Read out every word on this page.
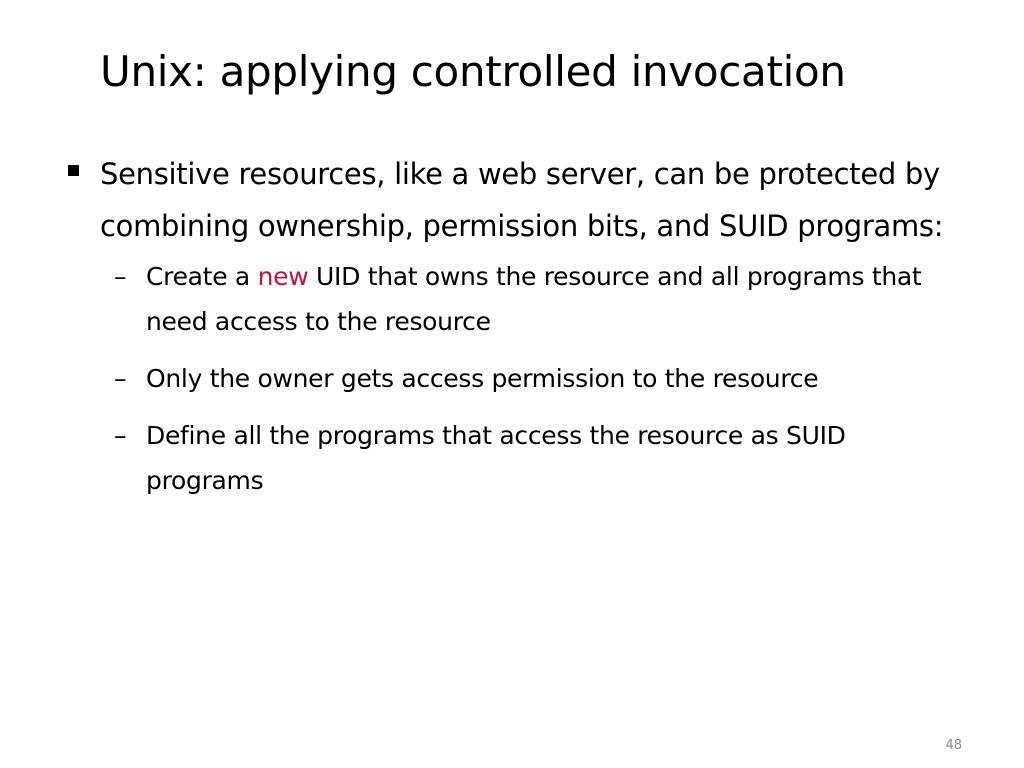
Unix: applying controlled invocation
Sensitive resources, like a web server, can be protected by combining ownership, permission bits, and SUID programs:
– Create a new UID that owns the resource and all programs that need access to the resource
– Only the owner gets access permission to the resource
– Define all the programs that access the resource as SUID programs
48
